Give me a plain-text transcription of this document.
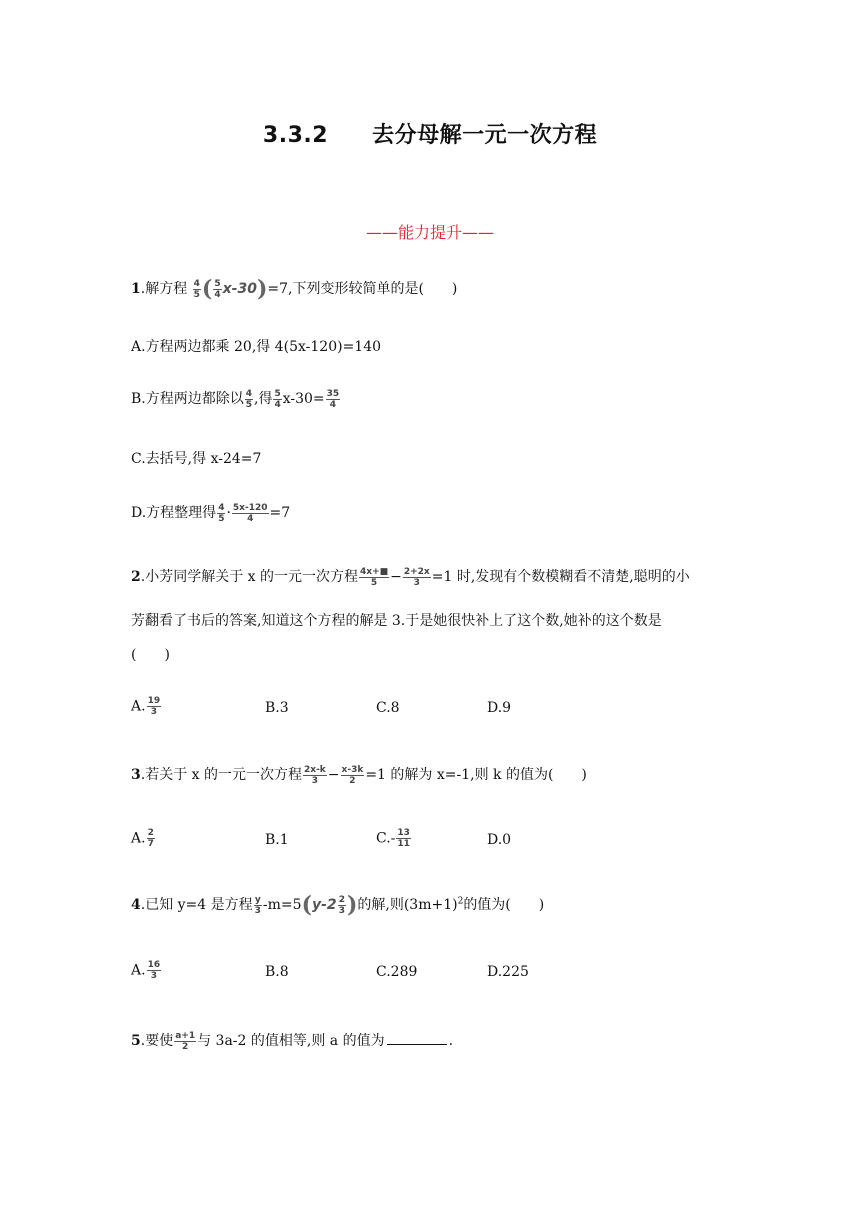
3.3.2 去分母解一元一次方程
——能力提升——
1.解方程 $\frac{4}{5}$ ( $\frac{5}{4} x-30)=7$,下列变形较简单的是(　　)
A.方程两边都乘 20,得 4(5x-120)=140
B.方程两边都除以 $\frac{4}{5}$ ,得 $\frac{5}{4} x-30= \frac{35}{4}$
C.去括号,得 x-24=7
D.方程整理得 $\frac{4}{5} \cdot \frac{5x-120}{4} =7$
2.小芳同学解关于 x 的一元一次方程 $\frac{4x+■}{5} - \frac{2+2x}{3} =1$ 时,发现有个数模糊看不清楚,聪明的小
芳翻看了书后的答案,知道这个方程的解是 3.于是她很快补上了这个数,她补的这个数是
(　　)
A. $\frac{19}{3}$	B.3	C.8	D.9
3.若关于 x 的一元一次方程 $\frac{2x-k}{3} - \frac{x-3k}{2} =1$ 的解为 x=-1,则 k 的值为(　　)
A. $\frac{2}{7}$	B.1	$C.- \frac{13}{11}$	D.0
4.已知 y=4 是方程 $\frac{y}{3} -m=5(y-2 \frac{2}{3}$ )的解,则$(3m+1)^2$的值为(　　)
A. $\frac{16}{3}$	B.8	C.289	D.225
5.要使 $\frac{a+1}{2}$ 与 3a-2 的值相等,则 a 的值为	.
